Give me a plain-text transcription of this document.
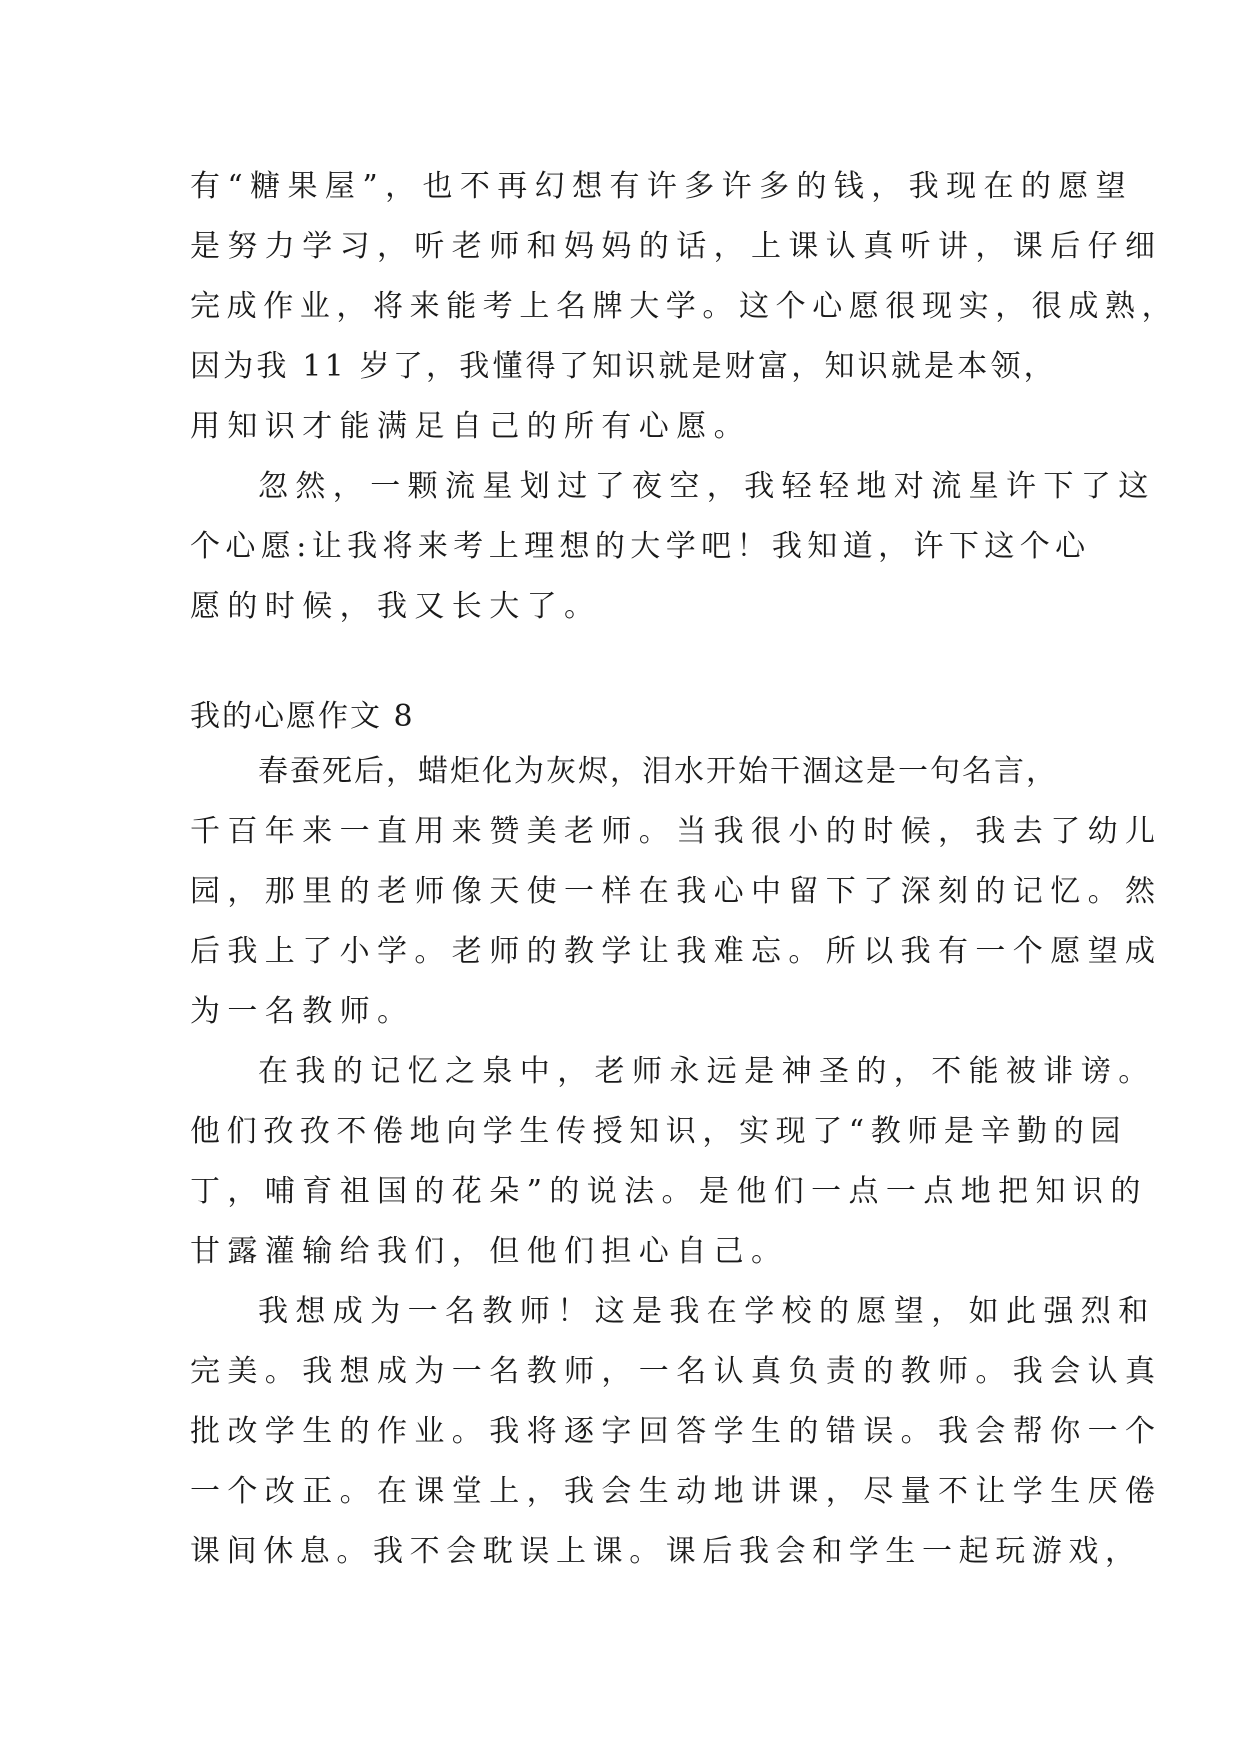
有“糖果屋”，也不再幻想有许多许多的钱，我现在的愿望
是努力学习，听老师和妈妈的话，上课认真听讲，课后仔细
完成作业，将来能考上名牌大学。这个心愿很现实，很成熟，
因为我 11 岁了，我懂得了知识就是财富，知识就是本领，
用知识才能满足自己的所有心愿。
忽然，一颗流星划过了夜空，我轻轻地对流星许下了这
个心愿:让我将来考上理想的大学吧！我知道，许下这个心
愿的时候，我又长大了。
我的心愿作文 8
春蚕死后，蜡炬化为灰烬，泪水开始干涸这是一句名言，
千百年来一直用来赞美老师。当我很小的时候，我去了幼儿
园，那里的老师像天使一样在我心中留下了深刻的记忆。然
后我上了小学。老师的教学让我难忘。所以我有一个愿望成
为一名教师。
在我的记忆之泉中，老师永远是神圣的，不能被诽谤。
他们孜孜不倦地向学生传授知识，实现了“教师是辛勤的园
丁，哺育祖国的花朵”的说法。是他们一点一点地把知识的
甘露灌输给我们，但他们担心自己。
我想成为一名教师！这是我在学校的愿望，如此强烈和
完美。我想成为一名教师，一名认真负责的教师。我会认真
批改学生的作业。我将逐字回答学生的错误。我会帮你一个
一个改正。在课堂上，我会生动地讲课，尽量不让学生厌倦
课间休息。我不会耽误上课。课后我会和学生一起玩游戏，
